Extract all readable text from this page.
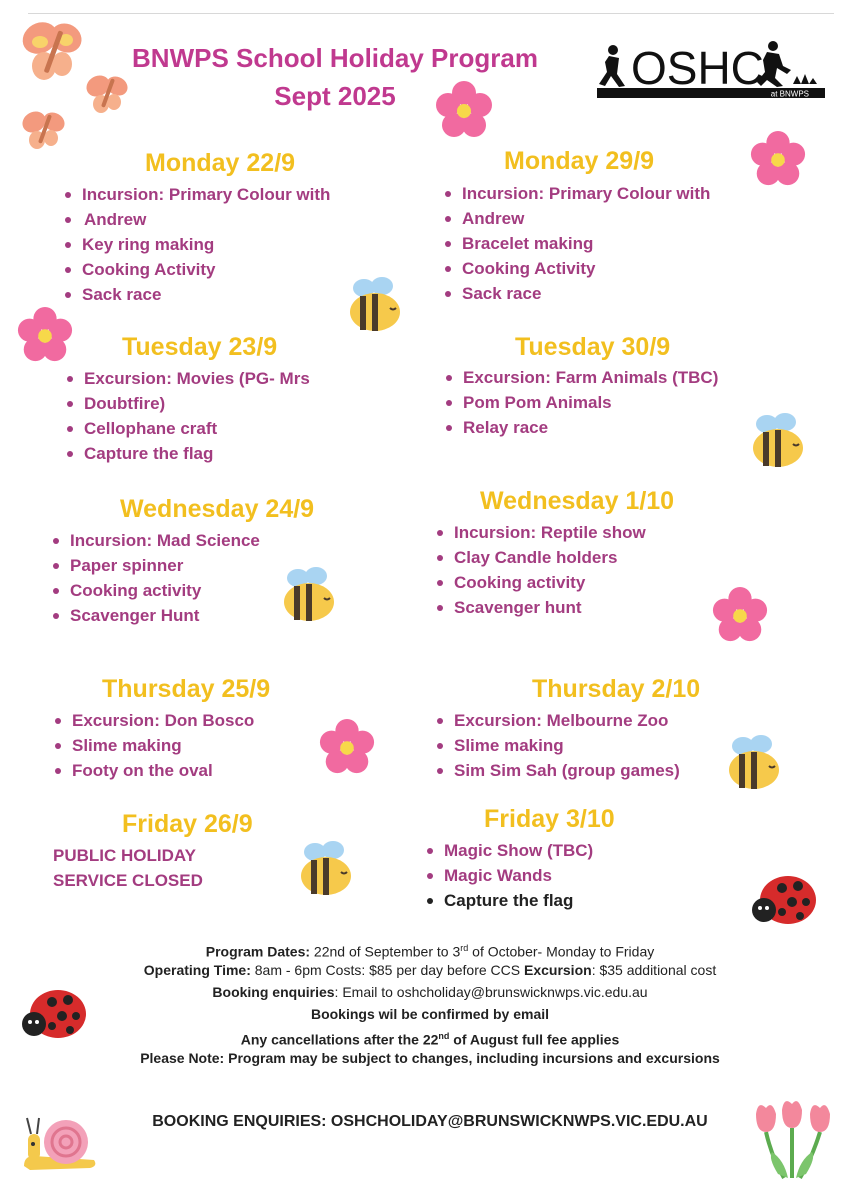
BNWPS School Holiday Program
Sept 2025
OSHC at BNWPS
Monday 22/9
Incursion: Primary Colour with
Andrew
Key ring making
Cooking Activity
Sack race
Tuesday 23/9
Excursion: Movies (PG- Mrs
Doubtfire)
Cellophane craft
Capture the flag
Wednesday 24/9
Incursion: Mad Science
Paper spinner
Cooking activity
Scavenger Hunt
Thursday 25/9
Excursion: Don Bosco
Slime making
Footy on the oval
Friday 26/9
PUBLIC HOLIDAY
SERVICE CLOSED
Monday 29/9
Incursion: Primary Colour with
Andrew
Bracelet making
Cooking Activity
Sack race
Tuesday 30/9
Excursion: Farm Animals (TBC)
Pom Pom Animals
Relay race
Wednesday 1/10
Incursion: Reptile show
Clay Candle holders
Cooking activity
Scavenger hunt
Thursday 2/10
Excursion: Melbourne Zoo
Slime making
Sim Sim Sah (group games)
Friday 3/10
Magic Show (TBC)
Magic Wands
Capture the flag
Program Dates: 22nd of September to 3rd of October- Monday to Friday
Operating Time: 8am - 6pm Costs: $85 per day before CCS Excursion: $35 additional cost
Booking enquiries: Email to oshcholiday@brunswicknwps.vic.edu.au
Bookings wil be confirmed by email
Any cancellations after the 22nd of August full fee applies
Please Note: Program may be subject to changes, including incursions and excursions
BOOKING ENQUIRIES: OSHCHOLIDAY@BRUNSWICKNWPS.VIC.EDU.AU
